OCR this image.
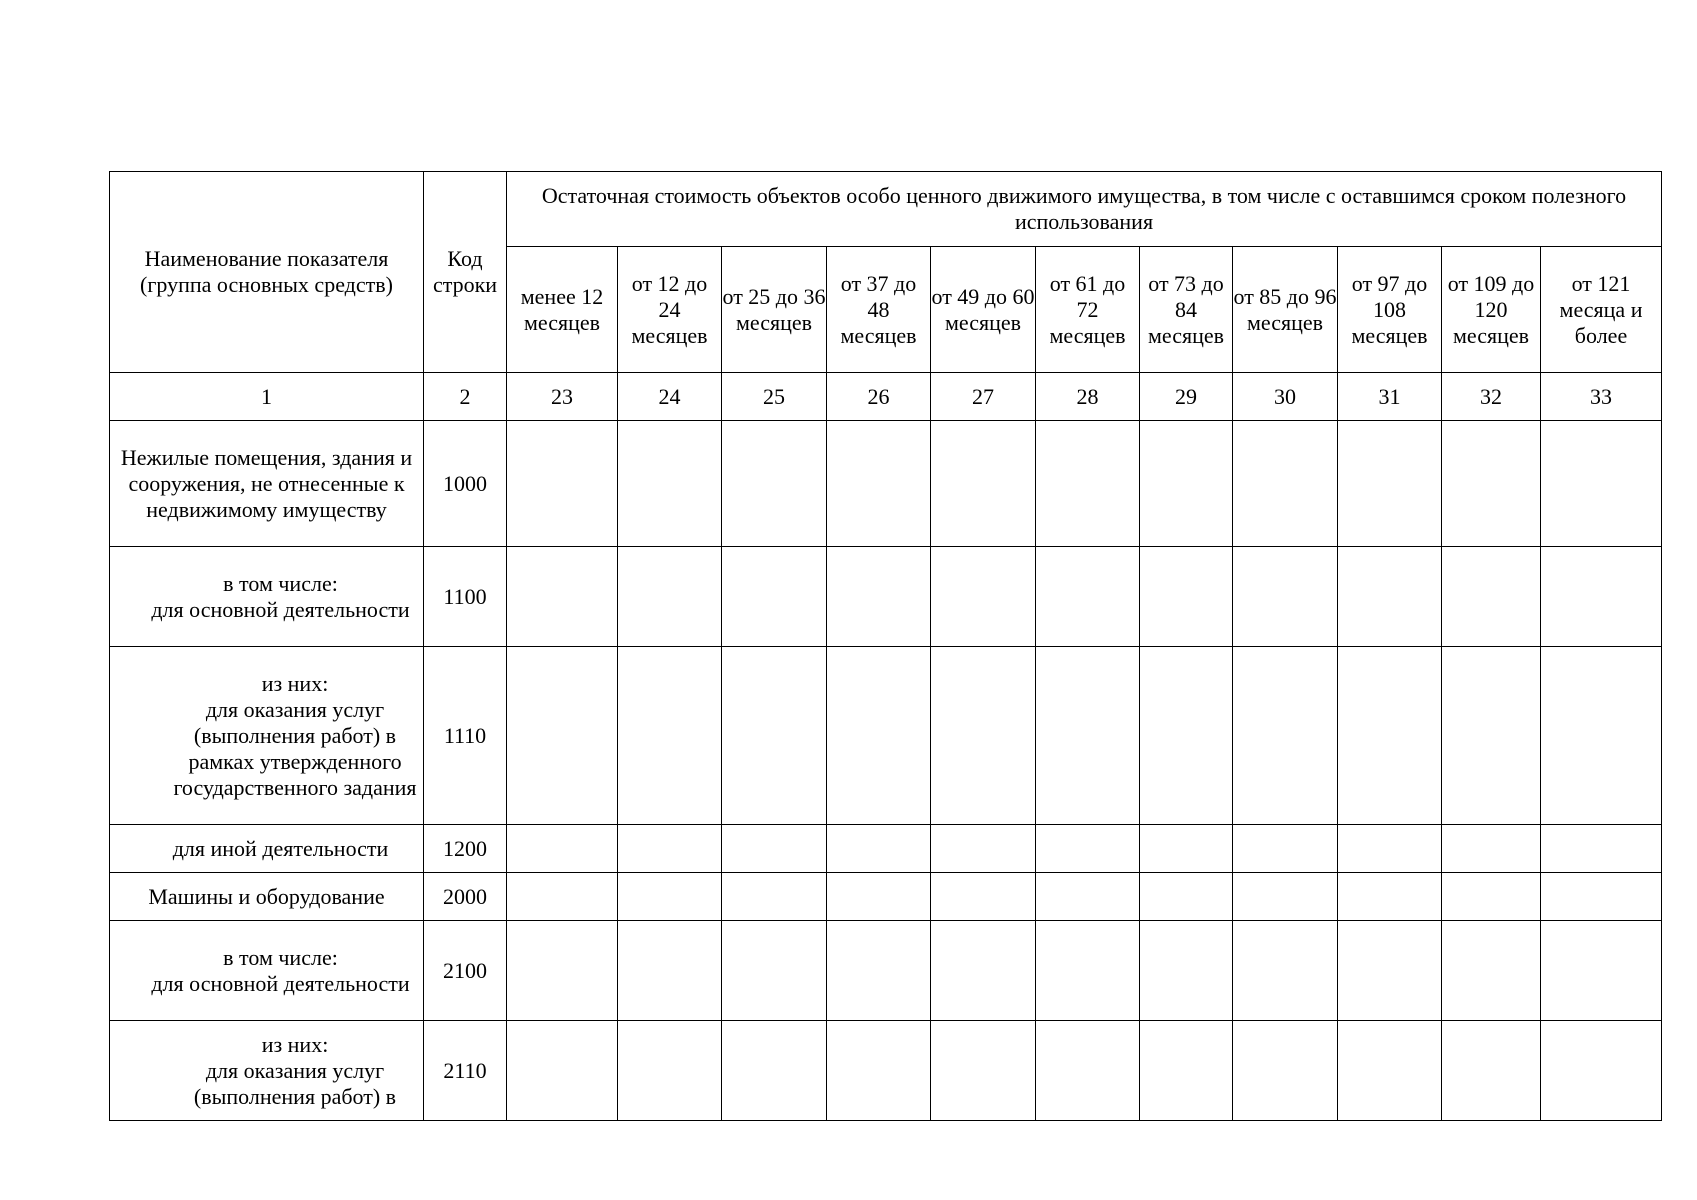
Наименование показателя (группа основных средств)	Код строки	Остаточная стоимость объектов особо ценного движимого имущества, в том числе с оставшимся сроком полезного использования										
		менее 12 месяцев	от 12 до 24 месяцев	от 25 до 36 месяцев	от 37 до 48 месяцев	от 49 до 60 месяцев	от 61 до 72 месяцев	от 73 до 84 месяцев	от 85 до 96 месяцев	от 97 до 108 месяцев	от 109 до 120 месяцев	от 121 месяца и более
1	2	23	24	25	26	27	28	29	30	31	32	33
Нежилые помещения, здания и сооружения, не отнесенные к недвижимому имуществу	1000											

в том числе:
для основной деятельности	1100											

из них:
для оказания услуг (выполнения работ) в рамках утвержденного государственного задания	1110											

для иной деятельности	1200											
Машины и оборудование	2000											

в том числе:
для основной деятельности	2100											

из них:
для оказания услуг (выполнения работ) в	2110											
